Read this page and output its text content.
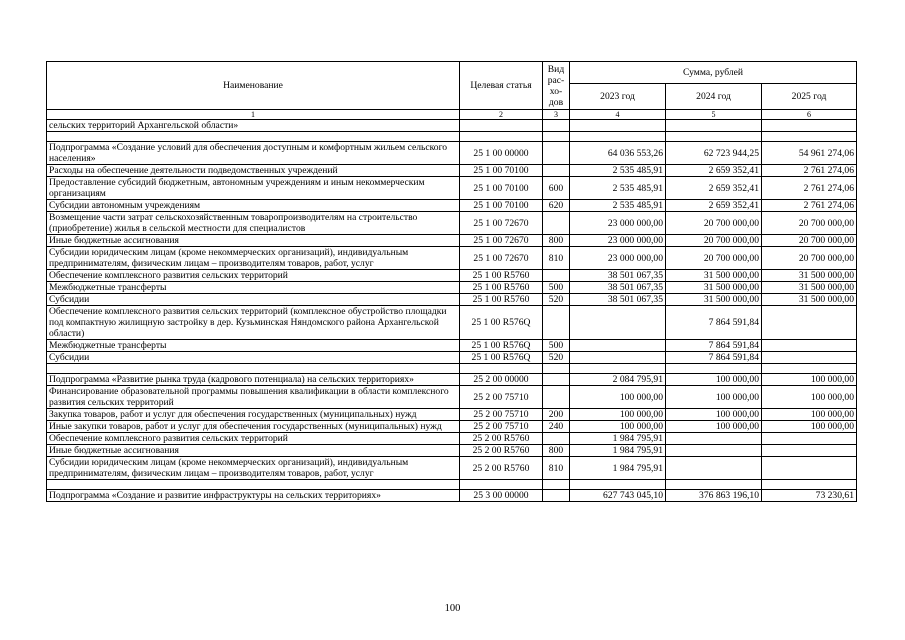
Наименование	Целевая статья	Вид рас-хо-дов	Сумма, рублей		
			2023 год	2024 год	2025 год
1	2	3	4	5	6
сельских территорий Архангельской области»					

Подпрограмма «Создание условий для обеспечения доступным и комфортным жильем сельского населения»	25 1 00 00000		64 036 553,26	62 723 944,25	54 961 274,06
Расходы на обеспечение деятельности подведомственных учреждений	25 1 00 70100		2 535 485,91	2 659 352,41	2 761 274,06
Предоставление субсидий бюджетным, автономным учреждениям и иным некоммерческим организациям	25 1 00 70100	600	2 535 485,91	2 659 352,41	2 761 274,06
Субсидии автономным учреждениям	25 1 00 70100	620	2 535 485,91	2 659 352,41	2 761 274,06
Возмещение части затрат сельскохозяйственным товаропроизводителям на строительство (приобретение) жилья в сельской местности для специалистов	25 1 00 72670		23 000 000,00	20 700 000,00	20 700 000,00
Иные бюджетные ассигнования	25 1 00 72670	800	23 000 000,00	20 700 000,00	20 700 000,00
Субсидии юридическим лицам (кроме некоммерческих организаций), индивидуальным предпринимателям, физическим лицам – производителям товаров, работ, услуг	25 1 00 72670	810	23 000 000,00	20 700 000,00	20 700 000,00
Обеспечение комплексного развития сельских территорий	25 1 00 R5760		38 501 067,35	31 500 000,00	31 500 000,00
Межбюджетные трансферты	25 1 00 R5760	500	38 501 067,35	31 500 000,00	31 500 000,00
Субсидии	25 1 00 R5760	520	38 501 067,35	31 500 000,00	31 500 000,00
Обеспечение комплексного развития сельских территорий (комплексное обустройство площадки под компактную жилищную застройку в дер. Кузьминская Няндомского района Архангельской области)	25 1 00 R576Q			7 864 591,84	
Межбюджетные трансферты	25 1 00 R576Q	500		7 864 591,84	
Субсидии	25 1 00 R576Q	520		7 864 591,84	

Подпрограмма «Развитие рынка труда (кадрового потенциала) на сельских территориях»	25 2 00 00000		2 084 795,91	100 000,00	100 000,00
Финансирование образовательной программы повышения квалификации в области комплексного развития сельских территорий	25 2 00 75710		100 000,00	100 000,00	100 000,00
Закупка товаров, работ и услуг для обеспечения государственных (муниципальных) нужд	25 2 00 75710	200	100 000,00	100 000,00	100 000,00
Иные закупки товаров, работ и услуг для обеспечения государственных (муниципальных) нужд	25 2 00 75710	240	100 000,00	100 000,00	100 000,00
Обеспечение комплексного развития сельских территорий	25 2 00 R5760		1 984 795,91		
Иные бюджетные ассигнования	25 2 00 R5760	800	1 984 795,91		
Субсидии юридическим лицам (кроме некоммерческих организаций), индивидуальным предпринимателям, физическим лицам – производителям товаров, работ, услуг	25 2 00 R5760	810	1 984 795,91		

Подпрограмма «Создание и развитие инфраструктуры на сельских территориях»	25 3 00 00000		627 743 045,10	376 863 196,10	73 230,61
100
